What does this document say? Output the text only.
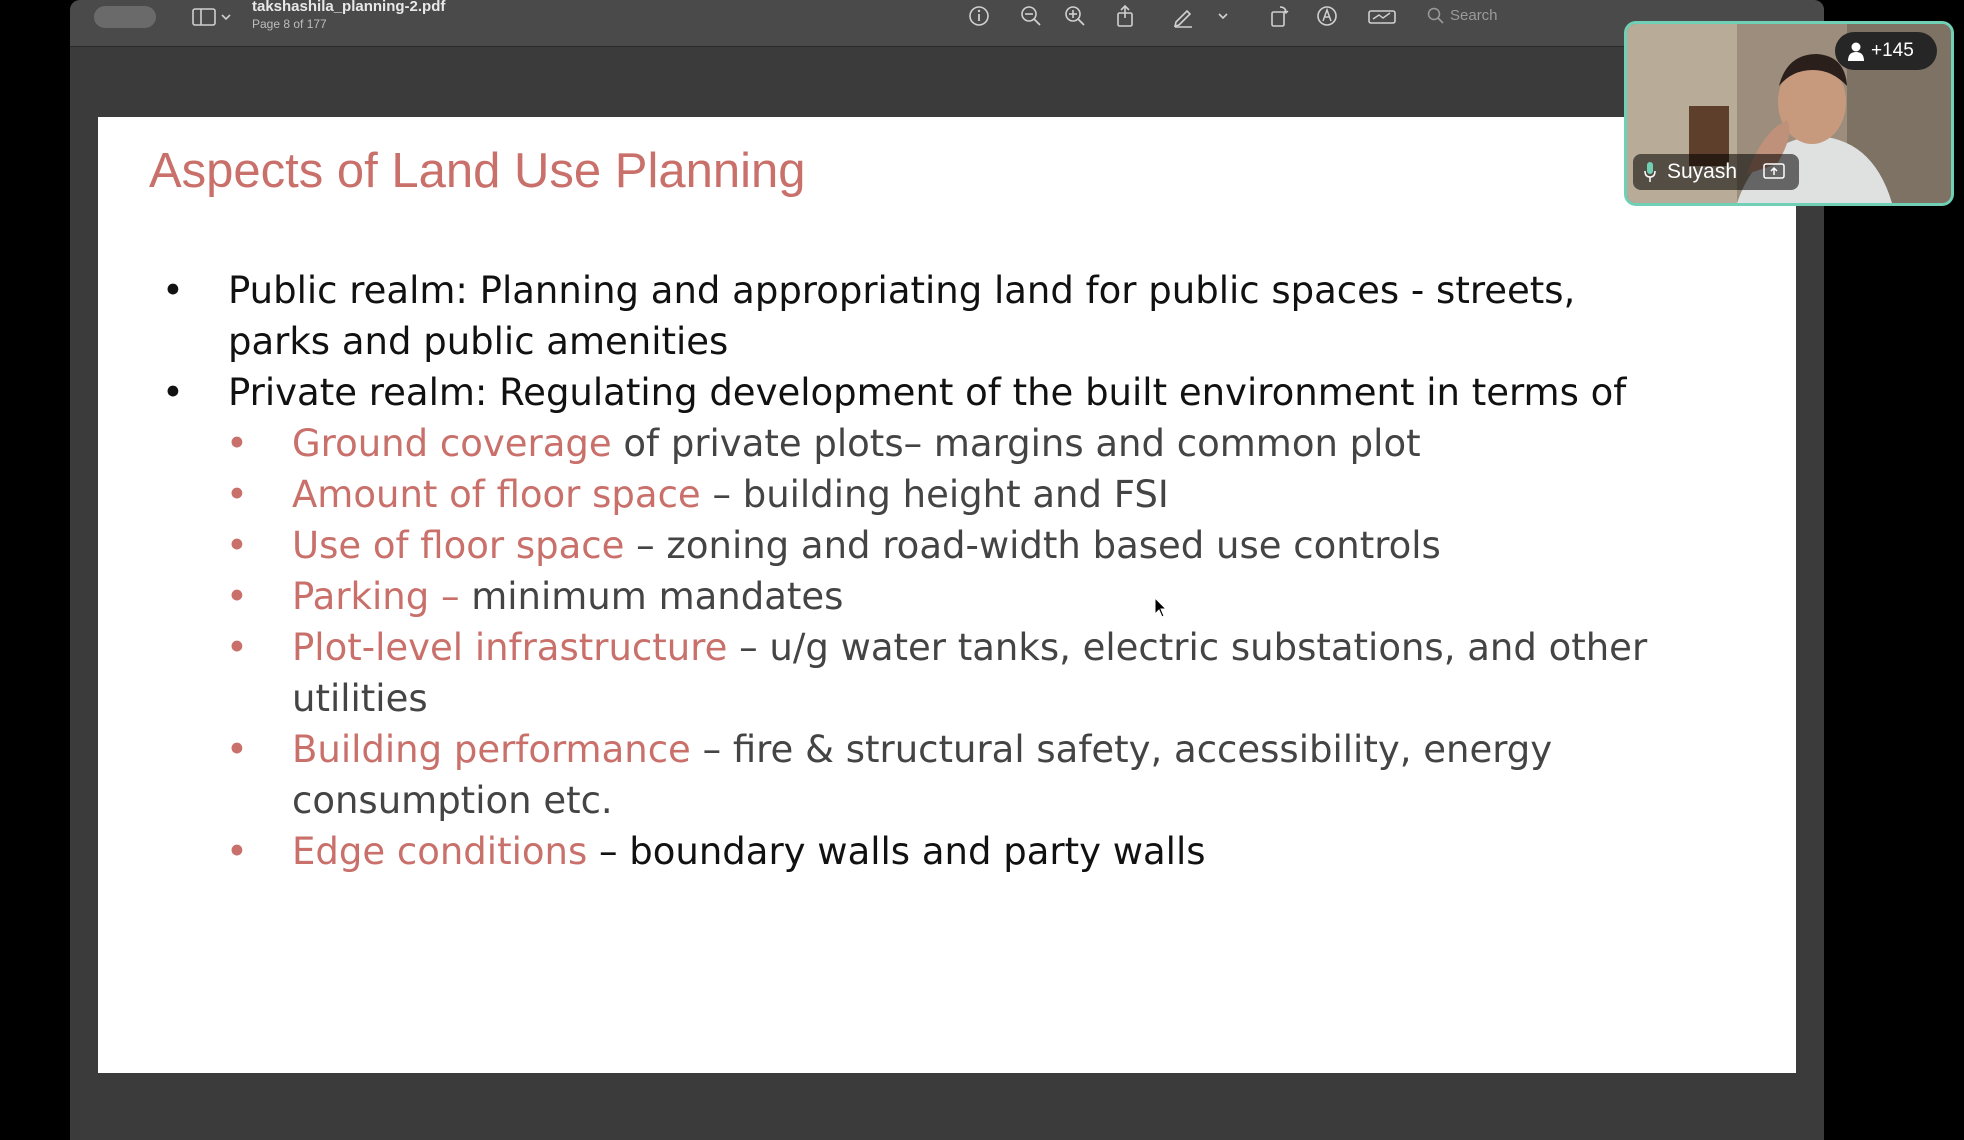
takshashila_planning-2.pdf
Page 8 of 177	Search
Aspects of Land Use Planning
• Public realm: Planning and appropriating land for public spaces - streets,
parks and public amenities
• Private realm: Regulating development of the built environment in terms of
• Ground coverage of private plots– margins and common plot
• Amount of floor space – building height and FSI
• Use of floor space – zoning and road-width based use controls
• Parking – minimum mandates
• Plot-level infrastructure – u/g water tanks, electric substations, and other
utilities
• Building performance – fire & structural safety, accessibility, energy
consumption etc.
• Edge conditions – boundary walls and party walls
+145
Suyash
